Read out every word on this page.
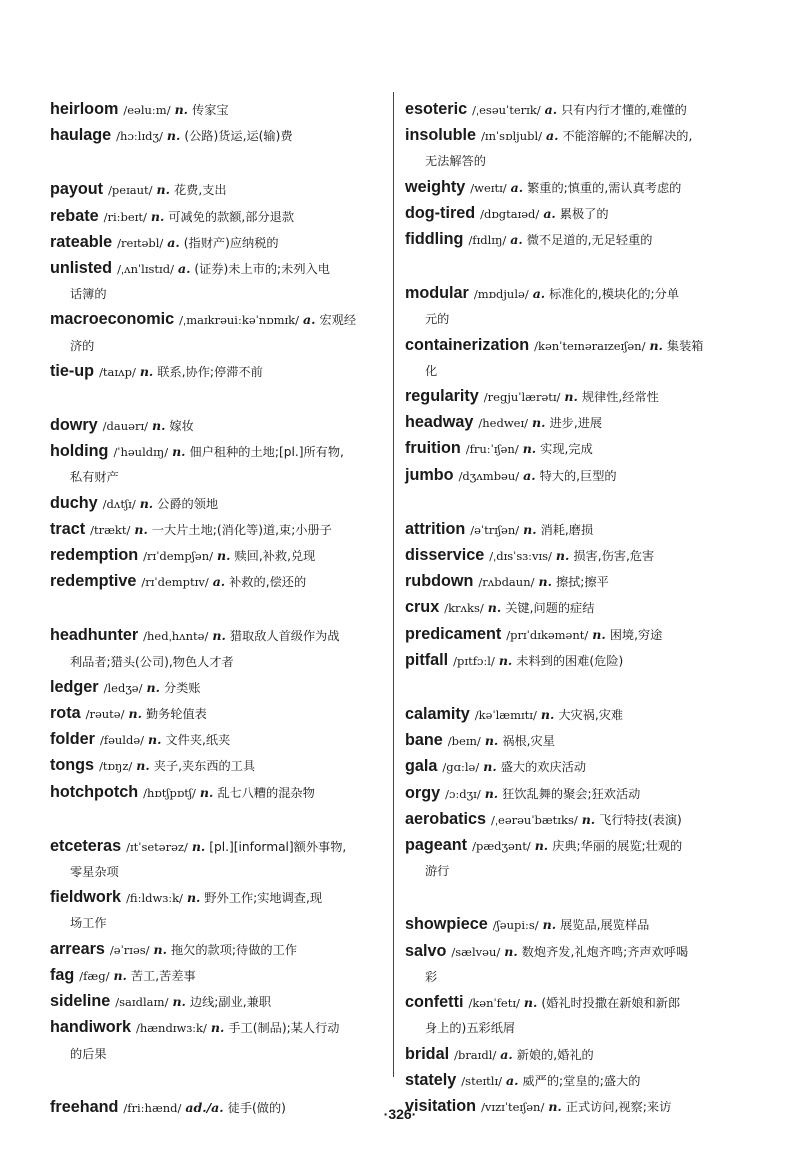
heirloom /eəluːm/ n. 传家宝
haulage /hɔːlɪdʒ/ n. (公路)货运,运(输)费
payout /peɪaut/ n. 花费,支出
rebate /riːbeɪt/ n. 可减免的款额,部分退款
rateable /reɪtəbl/ a. (指财产)应纳税的
unlisted /ˌʌnˈlɪstɪd/ a. (证券)未上市的;未列入电
话簿的
macroeconomic /ˌmaɪkrəuiːkəˈnɒmɪk/ a. 宏观经
济的
tie-up /taɪʌp/ n. 联系,协作;停滞不前
dowry /dauərɪ/ n. 嫁妆
holding /ˈhəuldɪŋ/ n. 佃户租种的土地;[pl.]所有物,
私有财产
duchy /dʌtʃɪ/ n. 公爵的领地
tract /trækt/ n. 一大片土地;(消化等)道,束;小册子
redemption /rɪˈdempʃən/ n. 赎回,补救,兑现
redemptive /rɪˈdemptɪv/ a. 补救的,偿还的
headhunter /hedˌhʌntə/ n. 猎取敌人首级作为战
利品者;猎头(公司),物色人才者
ledger /ledʒə/ n. 分类账
rota /rəutə/ n. 勤务轮值表
folder /fəuldə/ n. 文件夹,纸夹
tongs /tɒŋz/ n. 夹子,夹东西的工具
hotchpotch /hɒtʃpɒtʃ/ n. 乱七八糟的混杂物
etceteras /ɪtˈsetərəz/ n. [pl.][informal]额外事物,
零星杂项
fieldwork /fiːldwɜːk/ n. 野外工作;实地调查,现
场工作
arrears /əˈrɪəs/ n. 拖欠的款项;待做的工作
fag /fæg/ n. 苦工,苦差事
sideline /saɪdlaɪn/ n. 边线;副业,兼职
handiwork /hændɪwɜːk/ n. 手工(制品);某人行动
的后果
freehand /friːhænd/ ad./a. 徒手(做的)
esoteric /ˌesəuˈterɪk/ a. 只有内行才懂的,难懂的
insoluble /ɪnˈsɒljubl/ a. 不能溶解的;不能解决的,
无法解答的
weighty /weɪtɪ/ a. 繁重的;慎重的,需认真考虑的
dog-tired /dɒgtaɪəd/ a. 累极了的
fiddling /fɪdlɪŋ/ a. 微不足道的,无足轻重的
modular /mɒdjulə/ a. 标准化的,模块化的;分单
元的
containerization /kənˈteɪnəraɪzeɪʃən/ n. 集装箱
化
regularity /regjuˈlærətɪ/ n. 规律性,经常性
headway /hedweɪ/ n. 进步,进展
fruition /fruːˈɪʃən/ n. 实现,完成
jumbo /dʒʌmbəu/ a. 特大的,巨型的
attrition /əˈtrɪʃən/ n. 消耗,磨损
disservice /ˌdɪsˈsɜːvɪs/ n. 损害,伤害,危害
rubdown /rʌbdaun/ n. 擦拭;擦平
crux /krʌks/ n. 关键,问题的症结
predicament /prɪˈdɪkəmənt/ n. 困境,穷途
pitfall /pɪtfɔːl/ n. 未料到的困难(危险)
calamity /kəˈlæmɪtɪ/ n. 大灾祸,灾难
bane /beɪn/ n. 祸根,灾星
gala /gɑːlə/ n. 盛大的欢庆活动
orgy /ɔːdʒɪ/ n. 狂饮乱舞的聚会;狂欢活动
aerobatics /ˌeərəuˈbætɪks/ n. 飞行特技(表演)
pageant /pædʒənt/ n. 庆典;华丽的展览;壮观的
游行
showpiece /ʃəupiːs/ n. 展览品,展览样品
salvo /sælvəu/ n. 数炮齐发,礼炮齐鸣;齐声欢呼喝
彩
confetti /kənˈfetɪ/ n. (婚礼时投撒在新娘和新郎
身上的)五彩纸屑
bridal /braɪdl/ a. 新娘的,婚礼的
stately /steɪtlɪ/ a. 威严的;堂皇的;盛大的
visitation /vɪzɪˈteɪʃən/ n. 正式访问,视察;来访
·326·
